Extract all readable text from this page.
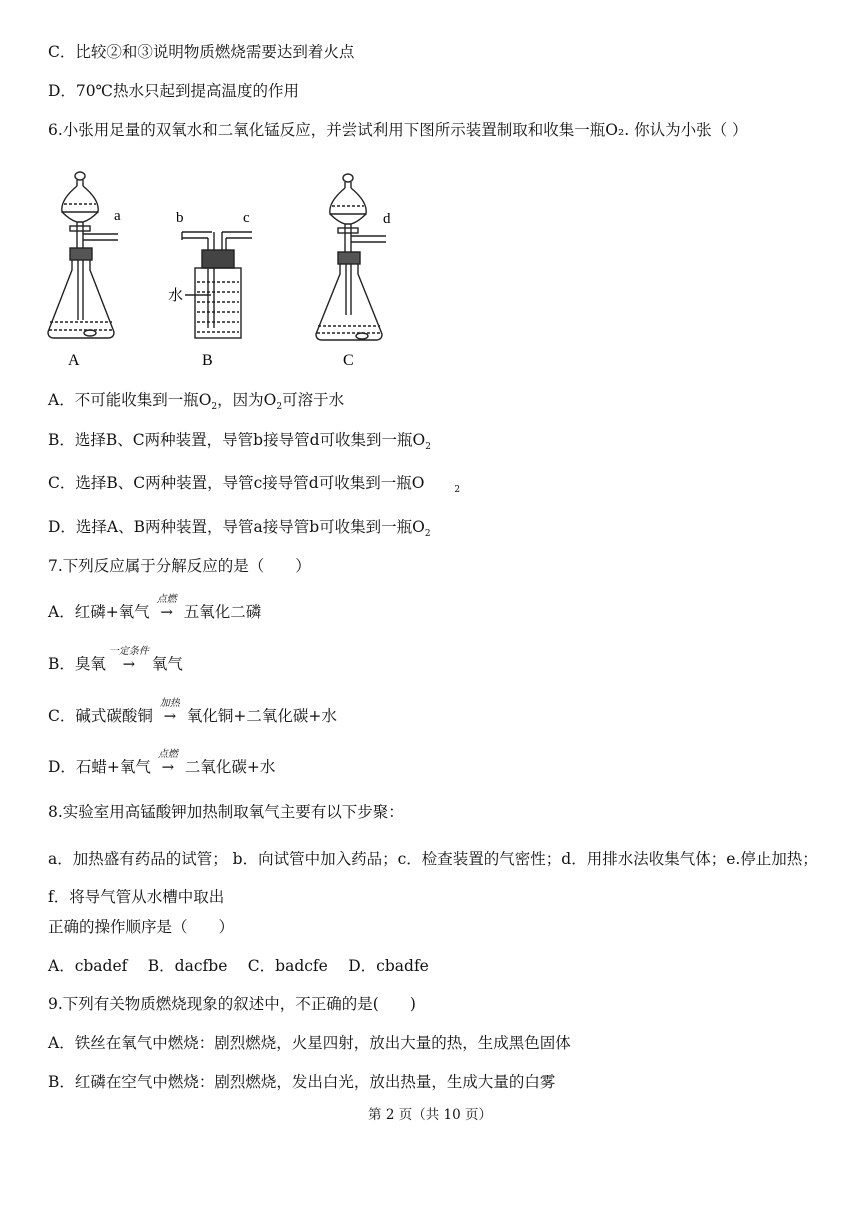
C．比较②和③说明物质燃烧需要达到着火点
D．70℃热水只起到提高温度的作用
6.小张用足量的双氧水和二氧化锰反应，并尝试利用下图所示装置制取和收集一瓶O₂. 你认为小张（ ）
a
A
b	c
水
B
d
C
A．不可能收集到一瓶$O_2$，因为$O_2$可溶于水
B．选择B、C两种装置，导管b接导管d可收集到一瓶$O_2$
C．选择B、C两种装置，导管c接导管d可收集到一瓶O	$_2$
D．选择A、B两种装置，导管a接导管b可收集到一瓶$O_2$
7.下列反应属于分解反应的是（　　）
A．红磷+氧气
点燃
→ 五氧化二磷
B．臭氧
一定条件
→ 氧气
C．碱式碳酸铜
加热
→ 氧化铜+二氧化碳+水
D．石蜡+氧气
点燃
→ 二氧化碳+水
8.实验室用高锰酸钾加热制取氧气主要有以下步聚：
a．加热盛有药品的试管； b．向试管中加入药品；c．检查装置的气密性；d．用排水法收集气体；e.停止加热；f．将导气管从水槽中取出
正确的操作顺序是（　　）
A．cbadef　 B．dacfbe　 C．badcfe　 D．cbadfe
9.下列有关物质燃烧现象的叙述中，不正确的是(　　)
A．铁丝在氧气中燃烧：剧烈燃烧，火星四射，放出大量的热，生成黑色固体
B．红磷在空气中燃烧：剧烈燃烧，发出白光，放出热量，生成大量的白雾
第 2 页（共 10 页）
